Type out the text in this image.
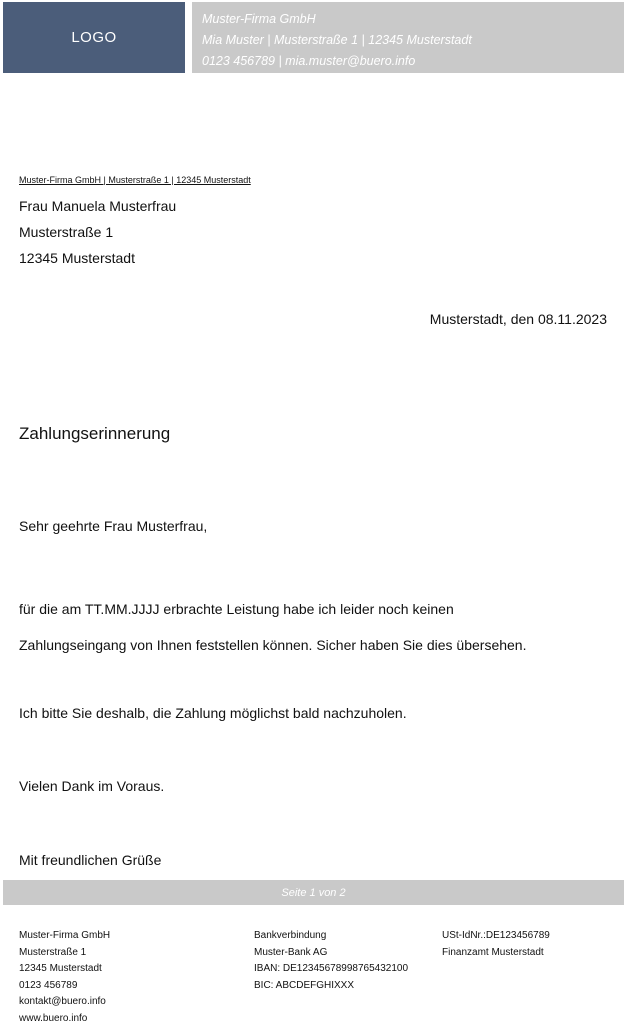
LOGO
Muster-Firma GmbH
Mia Muster | Musterstraße 1 | 12345 Musterstadt
0123 456789 | mia.muster@buero.info
Muster-Firma GmbH | Musterstraße 1 | 12345 Musterstadt
Frau Manuela Musterfrau
Musterstraße 1
12345 Musterstadt
Musterstadt, den 08.11.2023
Zahlungserinnerung
Sehr geehrte Frau Musterfrau,
für die am TT.MM.JJJJ erbrachte Leistung habe ich leider noch keinen
Zahlungseingang von Ihnen feststellen können. Sicher haben Sie dies übersehen.
Ich bitte Sie deshalb, die Zahlung möglichst bald nachzuholen.
Vielen Dank im Voraus.
Mit freundlichen Grüße
Seite 1 von 2
Muster-Firma GmbH
Musterstraße 1
12345 Musterstadt
0123 456789
kontakt@buero.info
www.buero.info
Bankverbindung
Muster-Bank AG
IBAN: DE12345678998765432100
BIC: ABCDEFGHIXXX
USt-IdNr.:DE123456789
Finanzamt Musterstadt
